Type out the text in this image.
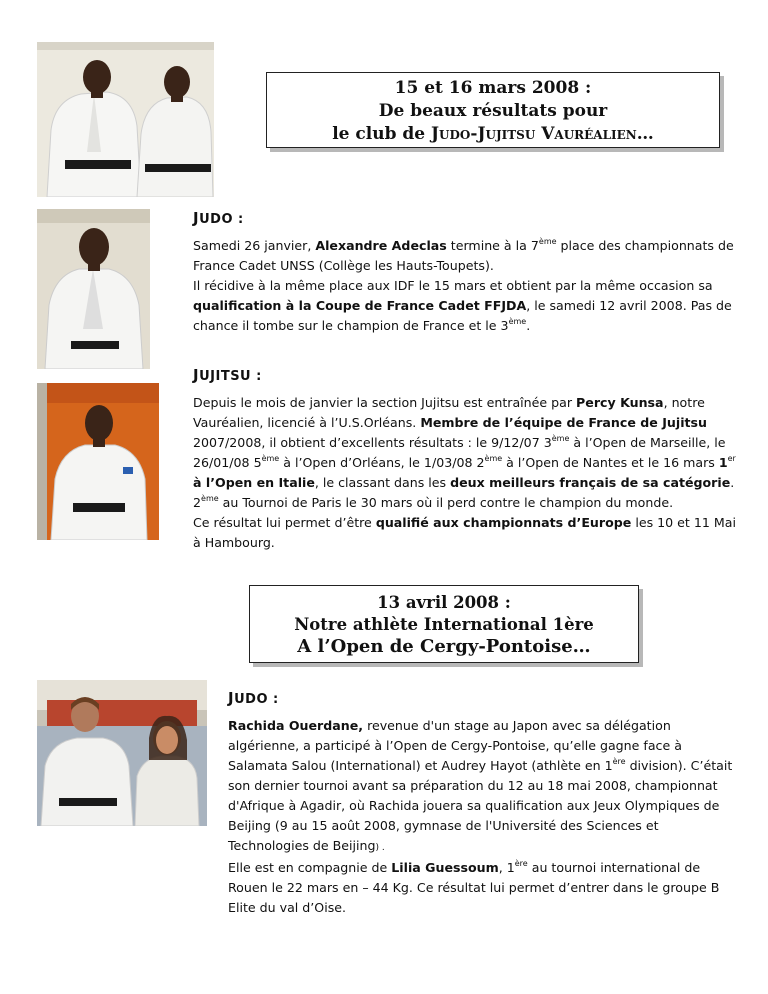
15 et 16 mars 2008 :
De beaux résultats pour
le club de Judo-Jujitsu Vauréalien…
JUDO :

Samedi 26 janvier, Alexandre Adeclas termine à la 7ème place des championnats de France Cadet UNSS (Collège les Hauts-Toupets).

Il récidive à la même place aux IDF le 15 mars et obtient par la même occasion sa qualification à la Coupe de France Cadet FFJDA, le samedi 12 avril 2008. Pas de chance il tombe sur le champion de France et le 3ème.

JUJITSU :

Depuis le mois de janvier la section Jujitsu est entraînée par Percy Kunsa, notre Vauréalien, licencié à l’U.S.Orléans. Membre de l’équipe de France de Jujitsu 2007/2008, il obtient d’excellents résultats : le 9/12/07 3ème à l’Open de Marseille, le 26/01/08 5ème à l’Open d’Orléans, le 1/03/08 2ème à l’Open de Nantes et le 16 mars 1er à l’Open en Italie, le classant dans les deux meilleurs français de sa catégorie. 2ème au Tournoi de Paris le 30 mars où il perd contre le champion du monde.

Ce résultat lui permet d’être qualifié aux championnats d’Europe les 10 et 11 Mai à Hambourg.

13 avril 2008 :
Notre athlète International 1ère
A l’Open de Cergy-Pontoise…
JUDO :

Rachida Ouerdane, revenue d'un stage au Japon avec sa délégation algérienne, a participé à l’Open de Cergy-Pontoise, qu’elle gagne face à Salamata Salou (International) et Audrey Hayot (athlète en 1ère division). C’était son dernier tournoi avant sa préparation du 12 au 18 mai 2008, championnat d'Afrique à Agadir, où Rachida jouera sa qualification aux Jeux Olympiques de Beijing (9 au 15 août 2008, gymnase de l'Université des Sciences et Technologies de Beijing) .

Elle est en compagnie de Lilia Guessoum, 1ère au tournoi international de Rouen le 22 mars en – 44 Kg. Ce résultat lui permet d’entrer dans le groupe B Elite du val d’Oise.
